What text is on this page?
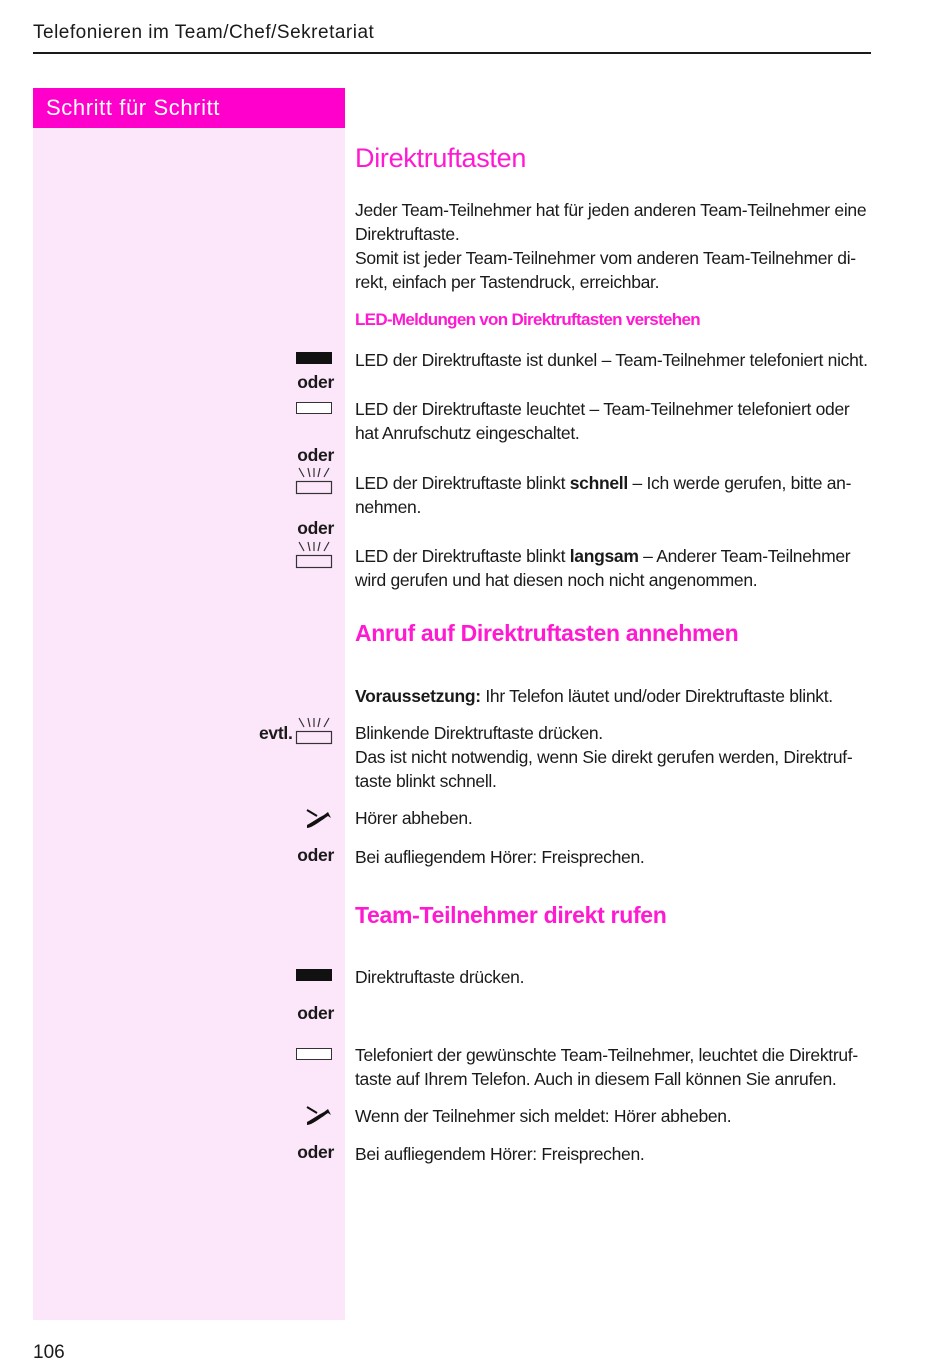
Telefonieren im Team/Chef/Sekretariat
Schritt für Schritt
Direktruftasten
Jeder Team-Teilnehmer hat für jeden anderen Team-Teilnehmer eine Direktruftaste.
Somit ist jeder Team-Teilnehmer vom anderen Team-Teilnehmer di-rekt, einfach per Tastendruck, erreichbar.
LED-Meldungen von Direktruftasten verstehen
LED der Direktruftaste ist dunkel – Team-Teilnehmer telefoniert nicht.
oder
LED der Direktruftaste leuchtet – Team-Teilnehmer telefoniert oder hat Anrufschutz eingeschaltet.
oder
LED der Direktruftaste blinkt schnell – Ich werde gerufen, bitte an-nehmen.
oder
LED der Direktruftaste blinkt langsam – Anderer Team-Teilnehmer wird gerufen und hat diesen noch nicht angenommen.
Anruf auf Direktruftasten annehmen
Voraussetzung: Ihr Telefon läutet und/oder Direktruftaste blinkt.
evtl.	Blinkende Direktruftaste drücken.
Das ist nicht notwendig, wenn Sie direkt gerufen werden, Direktruf-taste blinkt schnell.
Hörer abheben.
oder Bei aufliegendem Hörer: Freisprechen.
Team-Teilnehmer direkt rufen
Direktruftaste drücken.
oder
Telefoniert der gewünschte Team-Teilnehmer, leuchtet die Direktruf-taste auf Ihrem Telefon. Auch in diesem Fall können Sie anrufen.
Wenn der Teilnehmer sich meldet: Hörer abheben.
oder Bei aufliegendem Hörer: Freisprechen.
106
